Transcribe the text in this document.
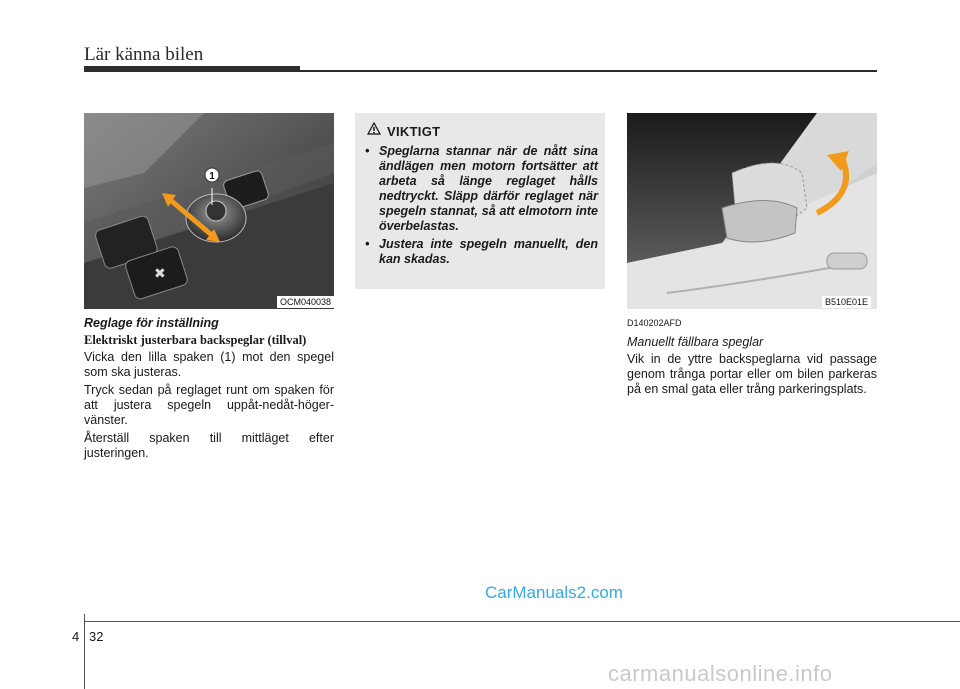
Lär känna bilen
✖
1
OCM040038
Reglage för inställning
Elektriskt justerbara backspeglar (tillval)

Vicka den lilla spaken (1) mot den spegel som ska justeras.

Tryck sedan på reglaget runt om spaken för att justera spegeln uppåt-nedåt-höger-vänster.

Återställ spaken till mittläget efter justeringen.

VIKTIGT
• Speglarna stannar när de nått sina ändlägen men motorn fortsätter att arbeta så länge reglaget hålls nedtryckt. Släpp därför reglaget när spegeln stannat, så att elmotorn inte överbelastas.
• Justera inte spegeln manuellt, den kan skadas.
B510E01E
D140202AFD
Manuellt fällbara speglar

Vik in de yttre backspeglarna vid passage genom trånga portar eller om bilen parkeras på en smal gata eller trång parkeringsplats.

CarManuals2.com
4 32
carmanualsonline.info
